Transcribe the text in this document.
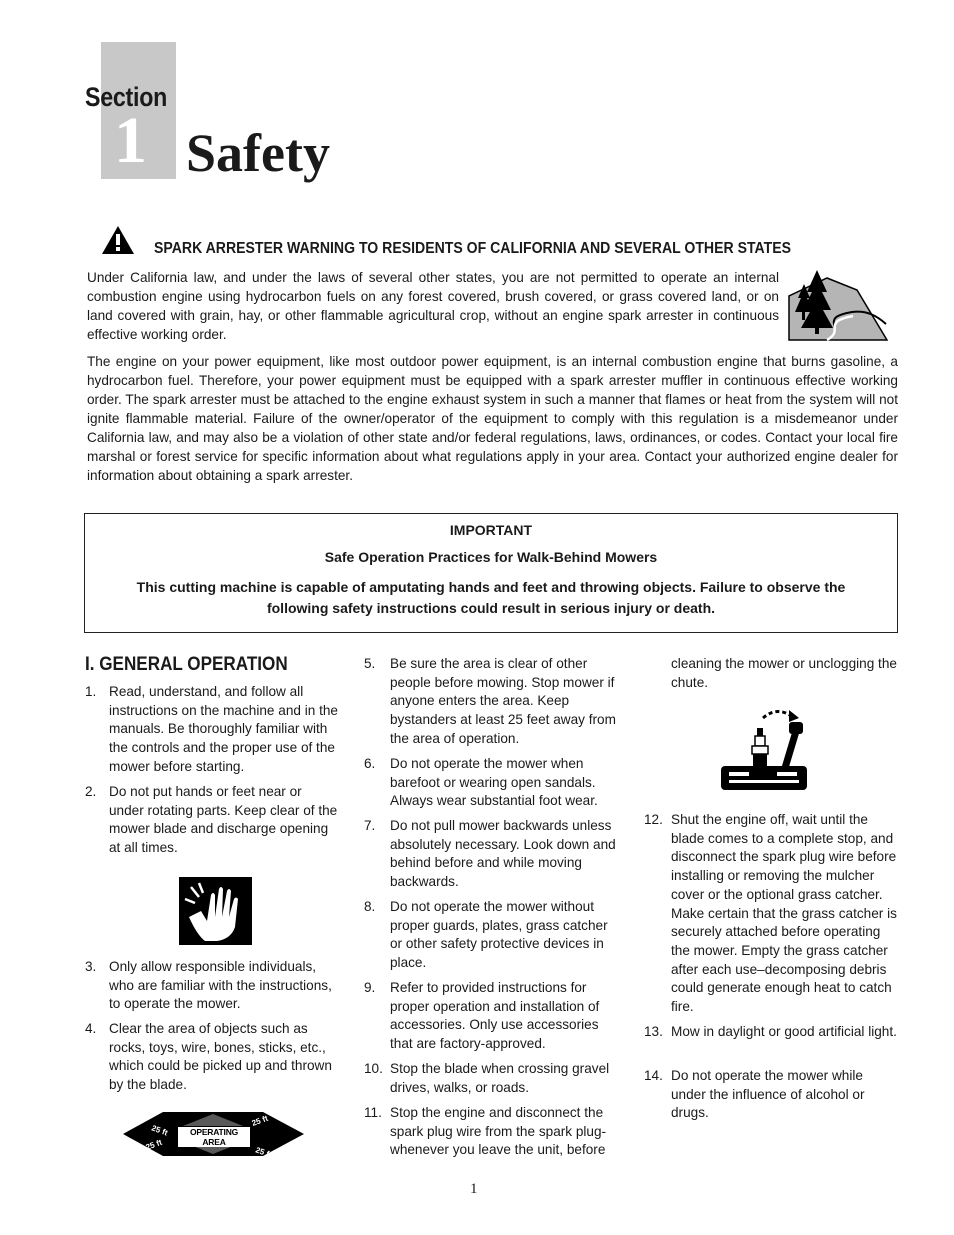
1
Section
Safety
SPARK ARRESTER WARNING TO RESIDENTS OF CALIFORNIA AND SEVERAL OTHER STATES
Under California law, and under the laws of several other states, you are not permitted to operate an internal combustion engine using hydrocarbon fuels on any forest covered, brush covered, or grass covered land, or on land covered with grain, hay, or other flammable agricultural crop, without an engine spark arrester in continuous effective working order.
The engine on your power equipment, like most outdoor power equipment, is an internal combustion engine that burns gasoline, a hydrocarbon fuel. Therefore, your power equipment must be equipped with a spark arrester muffler in continuous effective working order. The spark arrester must be attached to the engine exhaust system in such a manner that flames or heat from the system will not ignite flammable material. Failure of the owner/operator of the equipment to comply with this regulation is a misdemeanor under California law, and may also be a violation of other state and/or federal regulations, laws, ordinances, or codes. Contact your local fire marshal or forest service for specific information about what regulations apply in your area. Contact your authorized engine dealer for information about obtaining a spark arrester.
IMPORTANT
Safe Operation Practices for Walk-Behind Mowers
This cutting machine is capable of amputating hands and feet and throwing objects. Failure to observe the following safety instructions could result in serious injury or death.
I. GENERAL OPERATION
1. Read, understand, and follow all instructions on the machine and in the manuals. Be thoroughly familiar with the controls and the proper use of the mower before starting.
2. Do not put hands or feet near or under rotating parts. Keep clear of the mower blade and discharge opening at all times.
3. Only allow responsible individuals, who are familiar with the instructions, to operate the mower.
4. Clear the area of objects such as rocks, toys, wire, bones, sticks, etc., which could be picked up and thrown by the blade.
25 ft
25 ft
25 ft
25 ft
OPERATING AREA
5. Be sure the area is clear of other people before mowing. Stop mower if anyone enters the area. Keep bystanders at least 25 feet away from the area of operation.
6. Do not operate the mower when barefoot or wearing open sandals. Always wear substantial foot wear.
7. Do not pull mower backwards unless absolutely necessary. Look down and behind before and while moving backwards.
8. Do not operate the mower without proper guards, plates, grass catcher or other safety protective devices in place.
9. Refer to provided instructions for proper operation and installation of accessories. Only use accessories that are factory-approved.
10. Stop the blade when crossing gravel drives, walks, or roads.
11. Stop the engine and disconnect the spark plug wire from the spark plug-whenever you leave the unit, before
cleaning the mower or unclogging the chute.
12. Shut the engine off, wait until the blade comes to a complete stop, and disconnect the spark plug wire before installing or removing the mulcher cover or the optional grass catcher. Make certain that the grass catcher is securely attached before operating the mower. Empty the grass catcher after each use–decomposing debris could generate enough heat to catch fire.
13. Mow in daylight or good artificial light.
14. Do not operate the mower while under the influence of alcohol or drugs.
1
